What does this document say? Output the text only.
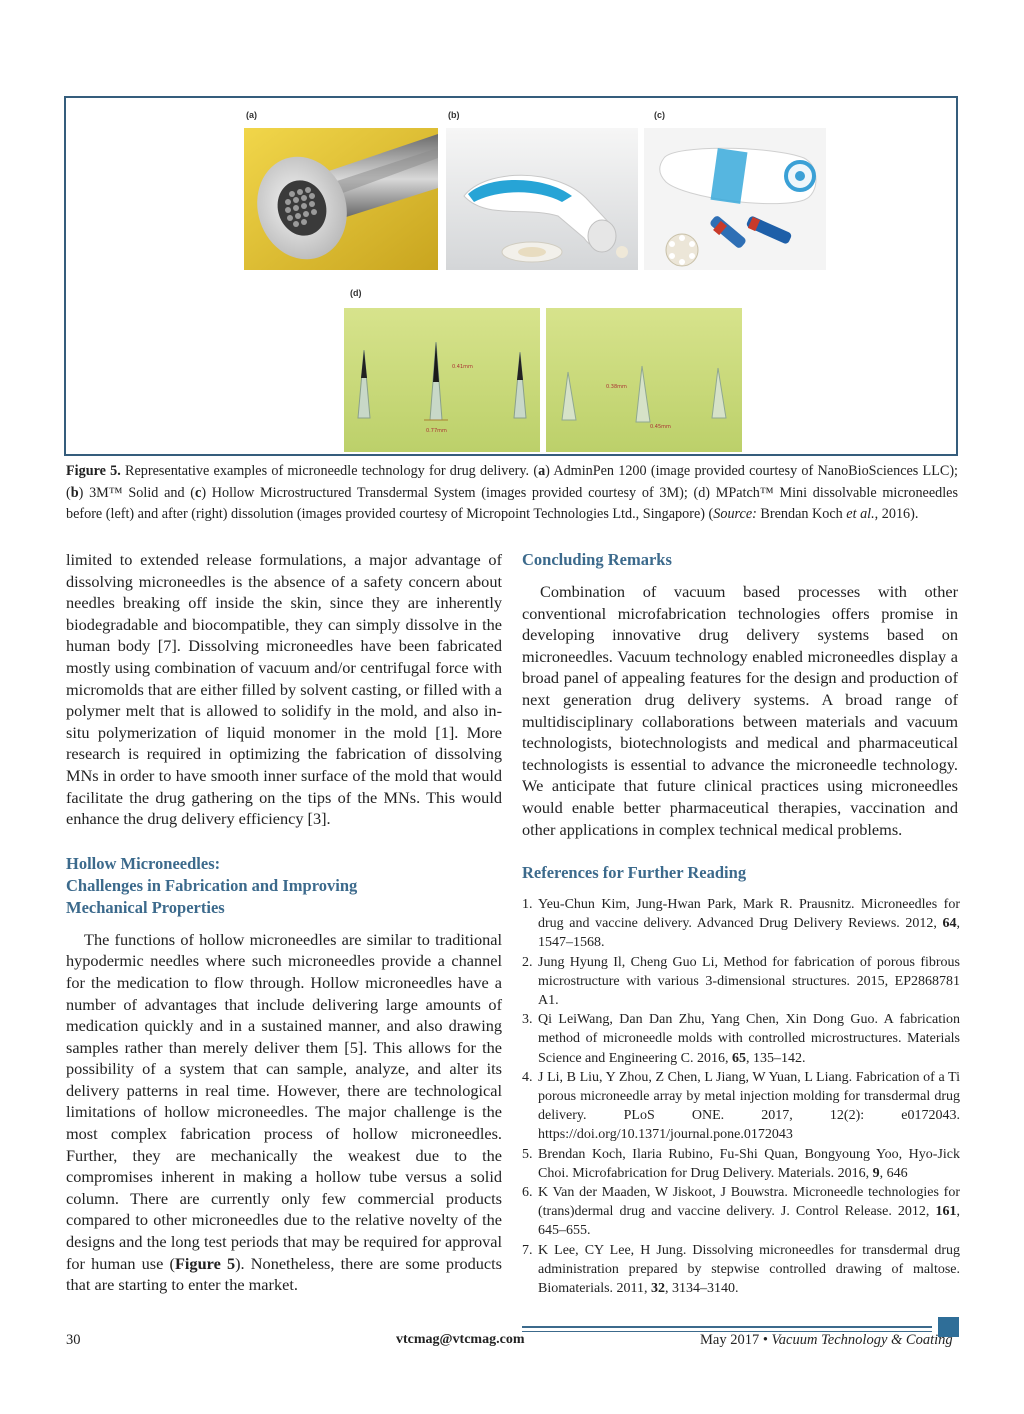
(a)	(b)	(c)
(d)
0.41mm
0.77mm
0.38mm
0.45mm
Figure 5. Representative examples of microneedle technology for drug delivery. (a) AdminPen 1200 (image provided courtesy of NanoBioSciences LLC); (b) 3M™ Solid and (c) Hollow Microstructured Transdermal System (images provided courtesy of 3M); (d) MPatch™ Mini dissolvable microneedles before (left) and after (right) dissolution (images provided courtesy of Micropoint Technologies Ltd., Singapore) (Source: Brendan Koch et al., 2016).

limited to extended release formulations, a major advantage of dissolving microneedles is the absence of a safety concern about needles breaking off inside the skin, since they are inherently biodegradable and biocompatible, they can simply dissolve in the human body [7]. Dissolving microneedles have been fabricated mostly using combination of vacuum and/or centrifugal force with micromolds that are either filled by solvent casting, or filled with a polymer melt that is allowed to solidify in the mold, and also in-situ polymerization of liquid monomer in the mold [1]. More research is required in optimizing the fabrication of dissolving MNs in order to have smooth inner surface of the mold that would facilitate the drug gathering on the tips of the MNs. This would enhance the drug delivery efficiency [3].

Hollow Microneedles:
Challenges in Fabrication and Improving
Mechanical Properties

The functions of hollow microneedles are similar to traditional hypodermic needles where such microneedles provide a channel for the medication to flow through. Hollow microneedles have a number of advantages that include delivering large amounts of medication quickly and in a sustained manner, and also drawing samples rather than merely deliver them [5]. This allows for the possibility of a system that can sample, analyze, and alter its delivery patterns in real time. However, there are technological limitations of hollow microneedles. The major challenge is the most complex fabrication process of hollow microneedles. Further, they are mechanically the weakest due to the compromises inherent in making a hollow tube versus a solid column. There are currently only few commercial products compared to other microneedles due to the relative novelty of the designs and the long test periods that may be required for approval for human use (Figure 5). Nonetheless, there are some products that are starting to enter the market.

Concluding Remarks

Combination of vacuum based processes with other conventional microfabrication technologies offers promise in developing innovative drug delivery systems based on microneedles. Vacuum technology enabled microneedles display a broad panel of appealing features for the design and production of next generation drug delivery systems. A broad range of multidisciplinary collaborations between materials and vacuum technologists, biotechnologists and medical and pharmaceutical technologists is essential to advance the microneedle technology. We anticipate that future clinical practices using microneedles would enable better pharmaceutical therapies, vaccination and other applications in complex technical medical problems.

References for Further Reading
1. Yeu-Chun Kim, Jung-Hwan Park, Mark R. Prausnitz. Microneedles for drug and vaccine delivery. Advanced Drug Delivery Reviews. 2012, 64, 1547–1568.
2. Jung Hyung Il, Cheng Guo Li, Method for fabrication of porous fibrous microstructure with various 3-dimensional structures. 2015, EP2868781 A1.
3. Qi LeiWang, Dan Dan Zhu, Yang Chen, Xin Dong Guo. A fabrication method of microneedle molds with controlled microstructures. Materials Science and Engineering C. 2016, 65, 135–142.
4. J Li, B Liu, Y Zhou, Z Chen, L Jiang, W Yuan, L Liang. Fabrication of a Ti porous microneedle array by metal injection molding for transdermal drug delivery. PLoS ONE. 2017, 12(2): e0172043. https://doi.org/10.1371/journal.pone.0172043
5. Brendan Koch, Ilaria Rubino, Fu-Shi Quan, Bongyoung Yoo, Hyo-Jick Choi. Microfabrication for Drug Delivery. Materials. 2016, 9, 646
6. K Van der Maaden, W Jiskoot, J Bouwstra. Microneedle technologies for (trans)dermal drug and vaccine delivery. J. Control Release. 2012, 161, 645–655.
7. K Lee, CY Lee, H Jung. Dissolving microneedles for transdermal drug administration prepared by stepwise controlled drawing of maltose. Biomaterials. 2011, 32, 3134–3140.
30	vtcmag@vtcmag.com	May 2017 • Vacuum Technology & Coating
